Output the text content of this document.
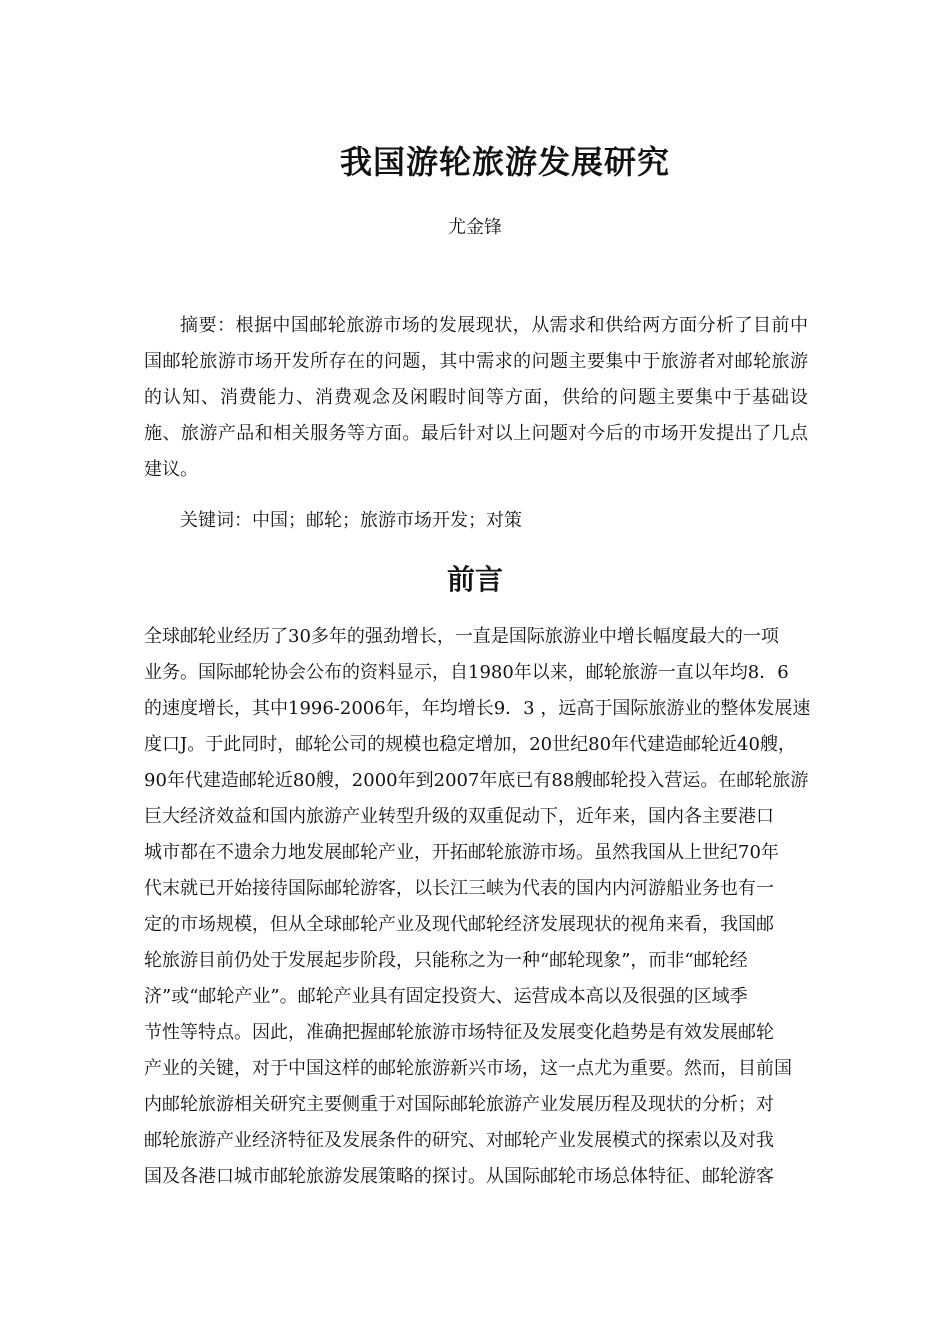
我国游轮旅游发展研究
尤金锋

摘要：根据中国邮轮旅游市场的发展现状，从需求和供给两方面分析了目前中国邮轮旅游市场开发所存在的问题，其中需求的问题主要集中于旅游者对邮轮旅游的认知、消费能力、消费观念及闲暇时间等方面，供给的问题主要集中于基础设施、旅游产品和相关服务等方面。最后针对以上问题对今后的市场开发提出了几点建议。

关键词：中国；邮轮；旅游市场开发；对策
前言
全球邮轮业经历了30多年的强劲增长，一直是国际旅游业中增长幅度最大的一项
业务。国际邮轮协会公布的资料显示，自1980年以来，邮轮旅游一直以年均8．6
的速度增长，其中1996-2006年，年均增长9．3 ，远高于国际旅游业的整体发展速
度口J。于此同时，邮轮公司的规模也稳定增加，20世纪80年代建造邮轮近40艘，
90年代建造邮轮近80艘，2000年到2007年底已有88艘邮轮投入营运。在邮轮旅游
巨大经济效益和国内旅游产业转型升级的双重促动下，近年来，国内各主要港口
城市都在不遗余力地发展邮轮产业，开拓邮轮旅游市场。虽然我国从上世纪70年
代末就已开始接待国际邮轮游客，以长江三峡为代表的国内内河游船业务也有一
定的市场规模，但从全球邮轮产业及现代邮轮经济发展现状的视角来看，我国邮
轮旅游目前仍处于发展起步阶段，只能称之为一种“邮轮现象”，而非“邮轮经
济”或“邮轮产业”。邮轮产业具有固定投资大、运营成本高以及很强的区域季
节性等特点。因此，准确把握邮轮旅游市场特征及发展变化趋势是有效发展邮轮
产业的关键，对于中国这样的邮轮旅游新兴市场，这一点尤为重要。然而，目前国
内邮轮旅游相关研究主要侧重于对国际邮轮旅游产业发展历程及现状的分析；对
邮轮旅游产业经济特征及发展条件的研究、对邮轮产业发展模式的探索以及对我
国及各港口城市邮轮旅游发展策略的探讨。从国际邮轮市场总体特征、邮轮游客
